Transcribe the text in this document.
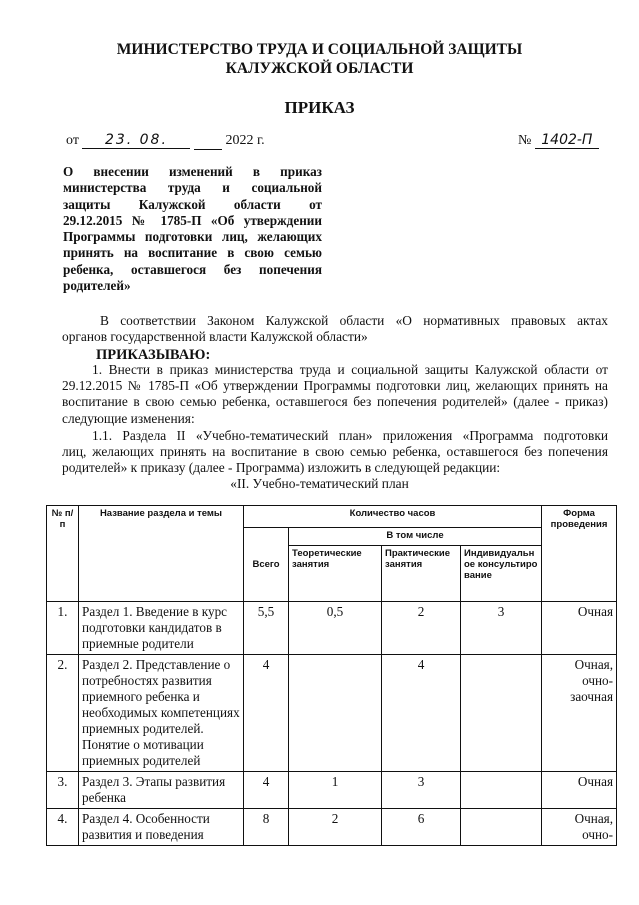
МИНИСТЕРСТВО ТРУДА И СОЦИАЛЬНОЙ ЗАЩИТЫ
КАЛУЖСКОЙ ОБЛАСТИ
ПРИКАЗ
от 23. 08.	2022 г.	№ 1402-П
О внесении изменений в приказ
министерства труда и социальной
защиты Калужской области от
29.12.2015 № 1785-П «Об утверждении
Программы подготовки лиц, желающих
принять на воспитание в свою семью
ребенка, оставшегося без попечения
родителей»
В соответствии Законом Калужской области «О нормативных правовых актах
органов государственной власти Калужской области»
ПРИКАЗЫВАЮ:
1. Внести в приказ министерства труда и социальной защиты Калужской области от
29.12.2015 № 1785-П «Об утверждении Программы подготовки лиц, желающих принять на
воспитание в свою семью ребенка, оставшегося без попечения родителей» (далее - приказ)
следующие изменения:
1.1. Раздела II «Учебно-тематический план» приложения «Программа подготовки
лиц, желающих принять на воспитание в свою семью ребенка, оставшегося без попечения
родителей» к приказу (далее - Программа) изложить в следующей редакции:
«II. Учебно-тематический план
№ п/п	Название раздела и темы	Количество часов				Форма проведения
		Всего	В том числе			
			Теоретические занятия	Практические занятия	Индивидуальное консультирование	
1.	Раздел 1. Введение в курс подготовки кандидатов в приемные родители	5,5	0,5	2	3	Очная
2.	Раздел 2. Представление о потребностях развития приемного ребенка и необходимых компетенциях приемных родителей. Понятие о мотивации приемных родителей	4		4		Очная, очно-заочная
3.	Раздел 3. Этапы развития ребенка	4	1	3		Очная
4.	Раздел 4. Особенности развития и поведения	8	2	6		Очная, очно-
